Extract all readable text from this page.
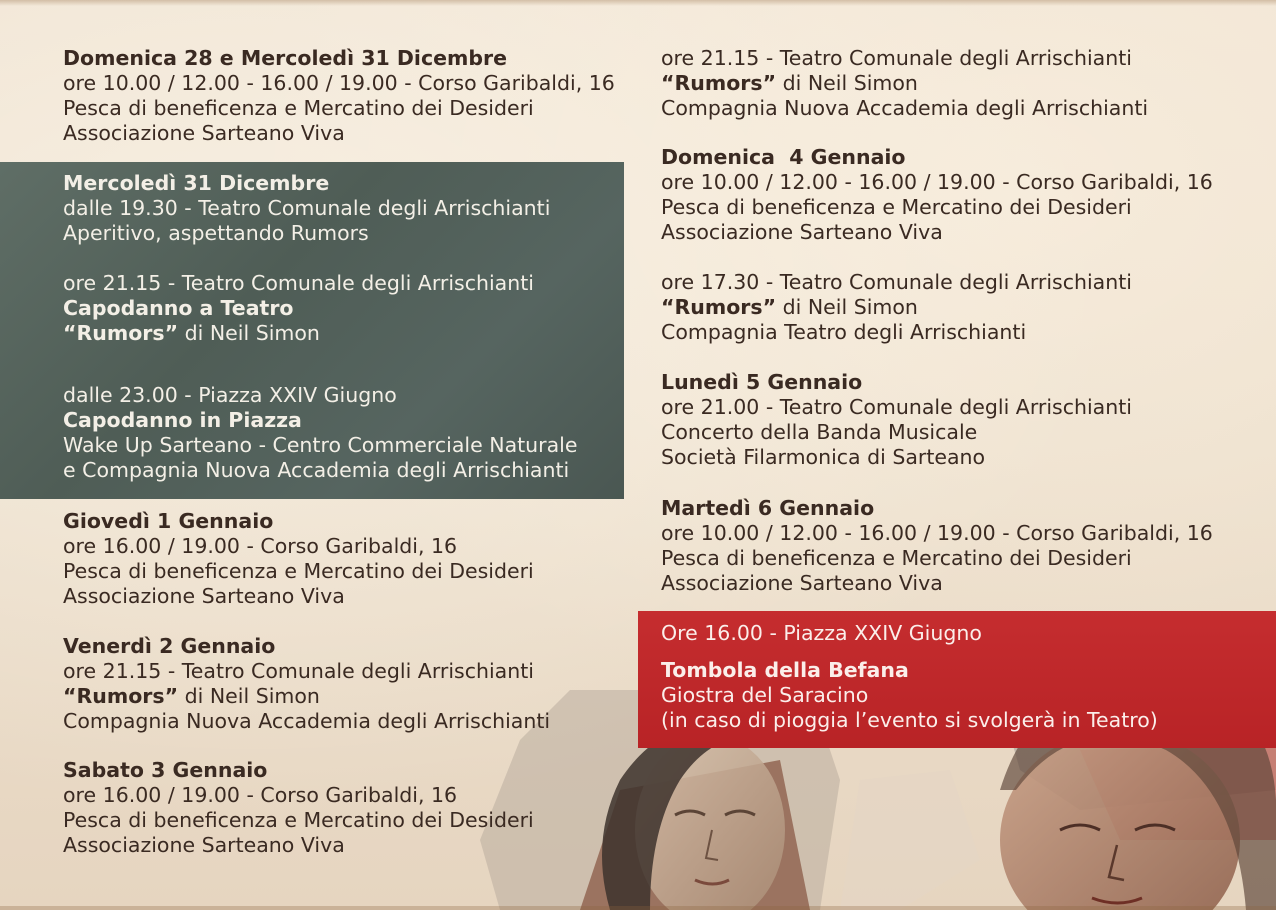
Domenica 28 e Mercoledì 31 Dicembre
ore 10.00 / 12.00 - 16.00 / 19.00 - Corso Garibaldi, 16
Pesca di beneficenza e Mercatino dei Desideri
Associazione Sarteano Viva
Mercoledì 31 Dicembre
dalle 19.30 - Teatro Comunale degli Arrischianti
Aperitivo, aspettando Rumors
ore 21.15 - Teatro Comunale degli Arrischianti
Capodanno a Teatro
“Rumors” di Neil Simon
dalle 23.00 - Piazza XXIV Giugno
Capodanno in Piazza
Wake Up Sarteano - Centro Commerciale Naturale
e Compagnia Nuova Accademia degli Arrischianti
Giovedì 1 Gennaio
ore 16.00 / 19.00 - Corso Garibaldi, 16
Pesca di beneficenza e Mercatino dei Desideri
Associazione Sarteano Viva
Venerdì 2 Gennaio
ore 21.15 - Teatro Comunale degli Arrischianti
“Rumors” di Neil Simon
Compagnia Nuova Accademia degli Arrischianti
Sabato 3 Gennaio
ore 16.00 / 19.00 - Corso Garibaldi, 16
Pesca di beneficenza e Mercatino dei Desideri
Associazione Sarteano Viva
ore 21.15 - Teatro Comunale degli Arrischianti
“Rumors” di Neil Simon
Compagnia Nuova Accademia degli Arrischianti
Domenica  4 Gennaio
ore 10.00 / 12.00 - 16.00 / 19.00 - Corso Garibaldi, 16
Pesca di beneficenza e Mercatino dei Desideri
Associazione Sarteano Viva
ore 17.30 - Teatro Comunale degli Arrischianti
“Rumors” di Neil Simon
Compagnia Teatro degli Arrischianti
Lunedì 5 Gennaio
ore 21.00 - Teatro Comunale degli Arrischianti
Concerto della Banda Musicale
Società Filarmonica di Sarteano
Martedì 6 Gennaio
ore 10.00 / 12.00 - 16.00 / 19.00 - Corso Garibaldi, 16
Pesca di beneficenza e Mercatino dei Desideri
Associazione Sarteano Viva
Ore 16.00 - Piazza XXIV Giugno
Tombola della Befana
Giostra del Saracino
(in caso di pioggia l’evento si svolgerà in Teatro)
